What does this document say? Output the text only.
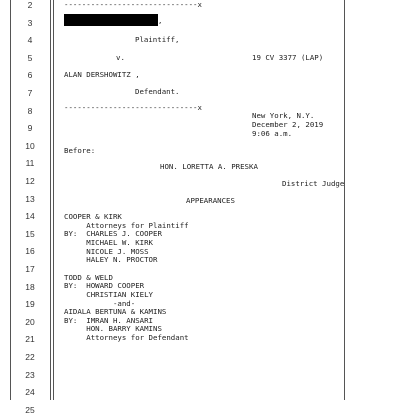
2
3
4
5
6
7
8
9
10
11
12
13
14
15
16
17
18
19
20
21
22
23
24
25
------------------------------x
,
Plaintiff,
v.	19 CV 3377 (LAP)
ALAN DERSHOWITZ ,
Defendant.
------------------------------x
New York, N.Y.
December 2, 2019
9:06 a.m.
Before:
HON. LORETTA A. PRESKA
District Judge
APPEARANCES
COOPER & KIRK
Attorneys for Plaintiff
BY:  CHARLES J. COOPER
MICHAEL W. KIRK
NICOLE J. MOSS
HALEY N. PROCTOR
TODD & WELD
BY:  HOWARD COOPER
CHRISTIAN KIELY
-and-
AIDALA BERTUNA & KAMINS
BY:  IMRAN H. ANSARI
HON. BARRY KAMINS
Attorneys for Defendant
